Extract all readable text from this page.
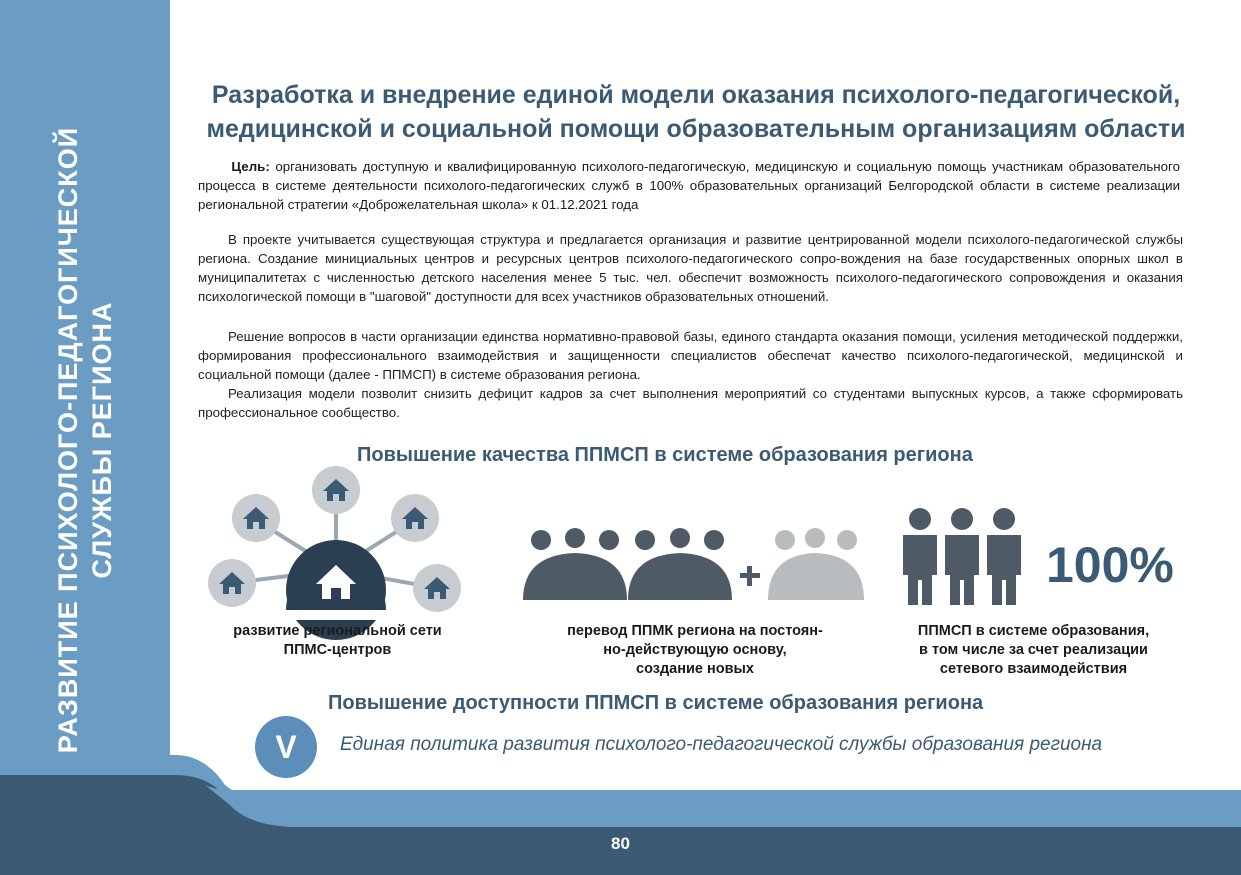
РАЗВИТИЕ ПСИХОЛОГО-ПЕДАГОГИЧЕСКОЙ СЛУЖБЫ РЕГИОНА
80
Разработка и внедрение единой модели оказания психолого-педагогической,
медицинской и социальной помощи образовательным организациям области
Цель: организовать доступную и квалифицированную психолого-педагогическую, медицинскую и социальную помощь участникам образовательного процесса в системе деятельности психолого-педагогических служб в 100% образовательных организаций Белгородской области в системе реализации региональной стратегии «Доброжелательная школа» к 01.12.2021 года
В проекте учитывается существующая структура и предлагается организация и развитие центрированной модели психолого-педагогической службы региона. Создание минициальных центров и ресурсных центров психолого-педагогического сопро-вождения на базе государственных опорных школ в муниципалитетах с численностью детского населения менее 5 тыс. чел. обеспечит возможность психолого-педагогического сопровождения и оказания психологической помощи в "шаговой" доступности для всех участников образовательных отношений.
Решение вопросов в части организации единства нормативно-правовой базы, единого стандарта оказания помощи, усиления методической поддержки, формирования профессионального взаимодействия и защищенности специалистов обеспечат качество психолого-педагогической, медицинской и социальной помощи (далее - ППМСП) в системе образования региона.
Реализация модели позволит снизить дефицит кадров за счет выполнения мероприятий со студентами выпускных курсов, а также сформировать профессиональное сообщество.
Повышение качества ППМСП в системе образования региона
100%
развитие региональной сети
ППМС-центров
перевод ППМК региона на постоян-
но-действующую основу,
создание новых
ППМСП в системе образования,
в том числе за счет реализации
сетевого взаимодействия
Повышение доступности ППМСП в системе образования региона
V	Единая политика развития психолого-педагогической службы образования региона
